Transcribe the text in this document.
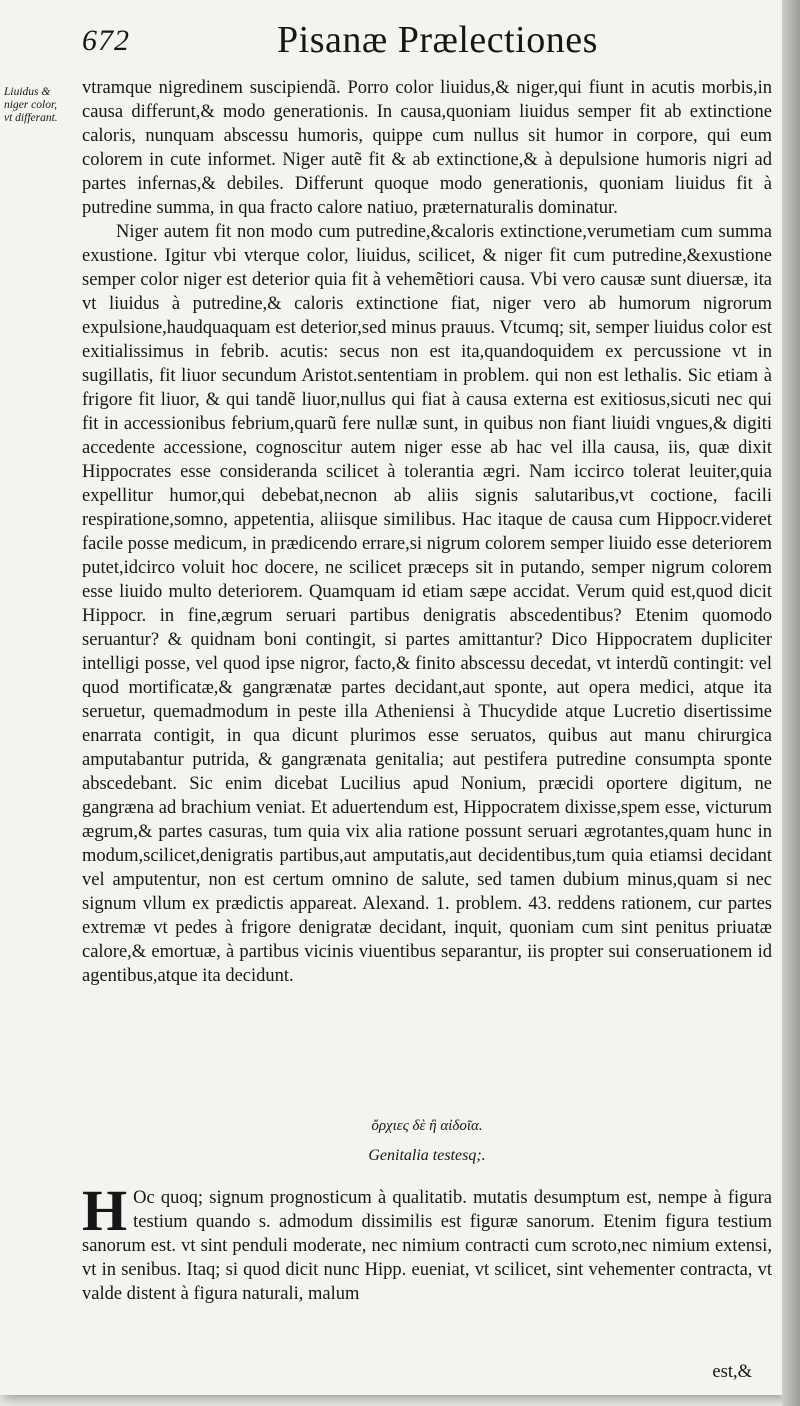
672	Pisanæ Prælectiones
Liuidus &
niger color,
vt differant.

vtramque nigredinem suscipiendã. Porro color liuidus,& niger,qui fiunt in acutis morbis,in causa differunt,& modo generationis. In causa,quoniam liuidus semper fit ab extinctione caloris, nunquam abscessu humoris, quippe cum nullus sit humor in corpore, qui eum colorem in cute informet. Niger autẽ fit & ab extinctione,& à depulsione humoris nigri ad partes infernas,& debiles. Differunt quoque modo generationis, quoniam liuidus fit à putredine summa, in qua fracto calore natiuo, præternaturalis dominatur.

Niger autem fit non modo cum putredine,&caloris extinctione,verumetiam cum summa exustione. Igitur vbi vterque color, liuidus, scilicet, & niger fit cum putredine,&exustione semper color niger est deterior quia fit à vehemẽtiori causa. Vbi vero causæ sunt diuersæ, ita vt liuidus à putredine,& caloris extinctione fiat, niger vero ab humorum nigrorum expulsione,haudquaquam est deterior,sed minus prauus. Vtcumq; sit, semper liuidus color est exitialissimus in febrib. acutis: secus non est ita,quandoquidem ex percussione vt in sugillatis, fit liuor secundum Aristot.sententiam in problem. qui non est lethalis. Sic etiam à frigore fit liuor, & qui tandẽ liuor,nullus qui fiat à causa externa est exitiosus,sicuti nec qui fit in accessionibus febrium,quarũ fere nullæ sunt, in quibus non fiant liuidi vngues,& digiti accedente accessione, cognoscitur autem niger esse ab hac vel illa causa, iis, quæ dixit Hippocrates esse consideranda scilicet à tolerantia ægri. Nam iccirco tolerat leuiter,quia expellitur humor,qui debebat,necnon ab aliis signis salutaribus,vt coctione, facili respiratione,somno, appetentia, aliisque similibus. Hac itaque de causa cum Hippocr.videret facile posse medicum, in prædicendo errare,si nigrum colorem semper liuido esse deteriorem putet,idcirco voluit hoc docere, ne scilicet præceps sit in putando, semper nigrum colorem esse liuido multo deteriorem. Quamquam id etiam sæpe accidat. Verum quid est,quod dicit Hippocr. in fine,ægrum seruari partibus denigratis abscedentibus? Etenim quomodo seruantur? & quidnam boni contingit, si partes amittantur? Dico Hippocratem dupliciter intelligi posse, vel quod ipse nigror, facto,& finito abscessu decedat, vt interdũ contingit: vel quod mortificatæ,& gangrænatæ partes decidant,aut sponte, aut opera medici, atque ita seruetur, quemadmodum in peste illa Atheniensi à Thucydide atque Lucretio disertissime enarrata contigit, in qua dicunt plurimos esse seruatos, quibus aut manu chirurgica amputabantur putrida, & gangrænata genitalia; aut pestifera putredine consumpta sponte abscedebant. Sic enim dicebat Lucilius apud Nonium, præcidi oportere digitum, ne gangræna ad brachium veniat. Et aduertendum est, Hippocratem dixisse,spem esse, victurum ægrum,& partes casuras, tum quia vix alia ratione possunt seruari ægrotantes,quam hunc in modum,scilicet,denigratis partibus,aut amputatis,aut decidentibus,tum quia etiamsi decidant vel amputentur, non est certum omnino de salute, sed tamen dubium minus,quam si nec signum vllum ex prædictis appareat. Alexand. 1. problem. 43. reddens rationem, cur partes extremæ vt pedes à frigore denigratæ decidant, inquit, quoniam cum sint penitus priuatæ calore,& emortuæ, à partibus vicinis viuentibus separantur, iis propter sui conseruationem id agentibus,atque ita decidunt.

ὄρχιες δὲ ἢ αἰδοῖα.
Genitalia testesq;.
H Oc quoq; signum prognosticum à qualitatib. mutatis desumptum est, nempe à figura testium quando s. admodum dissimilis est figuræ sanorum. Etenim figura testium sanorum est. vt sint penduli moderate, nec nimium contracti cum scroto,nec nimium extensi, vt in senibus. Itaq; si quod dicit nunc Hipp. eueniat, vt scilicet, sint vehementer contracta, vt valde distent à figura naturali, malum

est,&
